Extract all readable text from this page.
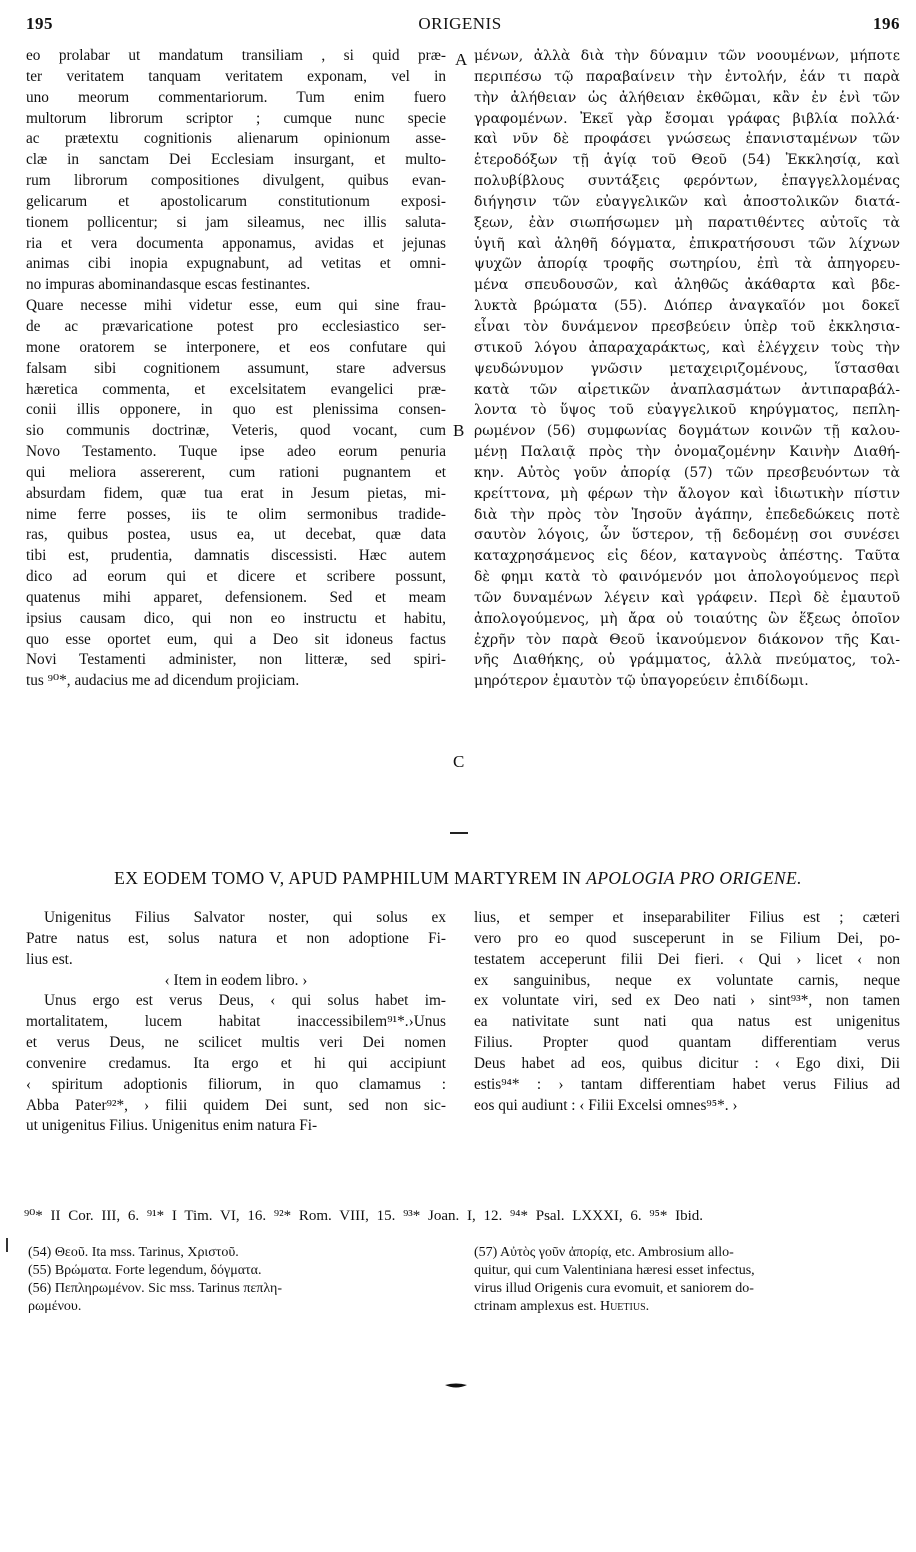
195	ORIGENIS	196
eo prolabar ut mandatum transiliam , si quid præ-
ter veritatem tanquam veritatem exponam, vel in
uno meorum commentariorum. Tum enim fuero
multorum librorum scriptor ; cumque nunc specie
ac prætextu cognitionis alienarum opinionum asse-
clæ in sanctam Dei Ecclesiam insurgant, et multo-
rum librorum compositiones divulgent, quibus evan-
gelicarum et apostolicarum constitutionum exposi-
tionem pollicentur; si jam sileamus, nec illis saluta-
ria et vera documenta apponamus, avidas et jejunas
animas cibi inopia expugnabunt, ad vetitas et omni-
no impuras abominandasque escas festinantes.
Quare necesse mihi videtur esse, eum qui sine frau-
de ac prævaricatione potest pro ecclesiastico ser-
mone oratorem se interponere, et eos confutare qui
falsam sibi cognitionem assumunt, stare adversus
hæretica commenta, et excelsitatem evangelici præ-
conii illis opponere, in quo est plenissima consen-
sio communis doctrinæ, Veteris, quod vocant, cum
Novo Testamento. Tuque ipse adeo eorum penuria
qui meliora assererent, cum rationi pugnantem et
absurdam fidem, quæ tua erat in Jesum pietas, mi-
nime ferre posses, iis te olim sermonibus tradide-
ras, quibus postea, usus ea, ut decebat, quæ data
tibi est, prudentia, damnatis discessisti. Hæc autem
dico ad eorum qui et dicere et scribere possunt,
quatenus mihi apparet, defensionem. Sed et meam
ipsius causam dico, qui non eo instructu et habitu,
quo esse oportet eum, qui a Deo sit idoneus factus
Novi Testamenti administer, non litteræ, sed spiri-
tus ⁹⁰*, audacius me ad dicendum projiciam.
μένων, ἀλλὰ διὰ τὴν δύναμιν τῶν νοουμένων, μήποτε
περιπέσω τῷ παραβαίνειν τὴν ἐντολήν, ἐάν τι παρὰ
τὴν ἀλήθειαν ὡς ἀλήθειαν ἐκθῶμαι, κἂν ἐν ἑνὶ τῶν
γραφομένων. Ἐκεῖ γὰρ ἔσομαι γράφας βιβλία πολλά·
καὶ νῦν δὲ προφάσει γνώσεως ἐπανισταμένων τῶν
ἑτεροδόξων τῇ ἁγίᾳ τοῦ Θεοῦ (54) Ἐκκλησίᾳ, καὶ
πολυβίβλους συντάξεις φερόντων, ἐπαγγελλομένας
διήγησιν τῶν εὐαγγελικῶν καὶ ἀποστολικῶν διατά-
ξεων, ἐὰν σιωπήσωμεν μὴ παρατιθέντες αὐτοῖς τὰ
ὑγιῆ καὶ ἀληθῆ δόγματα, ἐπικρατήσουσι τῶν λίχνων
ψυχῶν ἀπορίᾳ τροφῆς σωτηρίου, ἐπὶ τὰ ἀπηγορευ-
μένα σπευδουσῶν, καὶ ἀληθῶς ἀκάθαρτα καὶ βδε-
λυκτὰ βρώματα (55). Διόπερ ἀναγκαῖόν μοι δοκεῖ
εἶναι τὸν δυνάμενον πρεσβεύειν ὑπὲρ τοῦ ἐκκλησια-
στικοῦ λόγου ἀπαραχαράκτως, καὶ ἐλέγχειν τοὺς τὴν
ψευδώνυμον γνῶσιν μεταχειριζομένους, ἵστασθαι
κατὰ τῶν αἱρετικῶν ἀναπλασμάτων ἀντιπαραβάλ-
λοντα τὸ ὕψος τοῦ εὐαγγελικοῦ κηρύγματος, πεπλη-
ρωμένον (56) συμφωνίας δογμάτων κοινῶν τῇ καλου-
μένῃ Παλαιᾷ πρὸς τὴν ὀνομαζομένην Καινὴν Διαθή-
κην. Αὐτὸς γοῦν ἀπορίᾳ (57) τῶν πρεσβευόντων τὰ
κρείττονα, μὴ φέρων τὴν ἄλογον καὶ ἰδιωτικὴν πίστιν
διὰ τὴν πρὸς τὸν Ἰησοῦν ἀγάπην, ἐπεδεδώκεις ποτὲ
σαυτὸν λόγοις, ὧν ὕστερον, τῇ δεδομένῃ σοι συνέσει
καταχρησάμενος εἰς δέον, καταγνοὺς ἀπέστης. Ταῦτα
δὲ φημι κατὰ τὸ φαινόμενόν μοι ἀπολογούμενος περὶ
τῶν δυναμένων λέγειν καὶ γράφειν. Περὶ δὲ ἐμαυτοῦ
ἀπολογούμενος, μὴ ἄρα οὐ τοιαύτης ὢν ἕξεως ὁποῖον
ἐχρῆν τὸν παρὰ Θεοῦ ἱκανούμενον διάκονον τῆς Και-
νῆς Διαθήκης, οὐ γράμματος, ἀλλὰ πνεύματος, τολ-
μηρότερον ἐμαυτὸν τῷ ὑπαγορεύειν ἐπιδίδωμι.
A
B
C
EX EODEM TOMO V, APUD PAMPHILUM MARTYREM IN APOLOGIA PRO ORIGENE.
Unigenitus Filius Salvator noster, qui solus ex
Patre natus est, solus natura et non adoptione Fi-
lius est.
‹ Item in eodem libro. ›
Unus ergo est verus Deus, ‹ qui solus habet im-
mortalitatem, lucem habitat inaccessibilem⁹¹*.›Unus
et verus Deus, ne scilicet multis veri Dei nomen
convenire credamus. Ita ergo et hi qui accipiunt
‹ spiritum adoptionis filiorum, in quo clamamus :
Abba Pater⁹²*, › filii quidem Dei sunt, sed non sic-
ut unigenitus Filius. Unigenitus enim natura Fi-
lius, et semper et inseparabiliter Filius est ; cæteri
vero pro eo quod susceperunt in se Filium Dei, po-
testatem acceperunt filii Dei fieri. ‹ Qui › licet ‹ non
ex sanguinibus, neque ex voluntate carnis, neque
ex voluntate viri, sed ex Deo nati › sint⁹³*, non tamen
ea nativitate sunt nati qua natus est unigenitus
Filius. Propter quod quantam differentiam verus
Deus habet ad eos, quibus dicitur : ‹ Ego dixi, Dii
estis⁹⁴* : › tantam differentiam habet verus Filius ad
eos qui audiunt : ‹ Filii Excelsi omnes⁹⁵*. ›
⁹⁰* II Cor. III, 6. ⁹¹* I Tim. VI, 16. ⁹²* Rom. VIII, 15. ⁹³* Joan. I, 12. ⁹⁴* Psal. LXXXI, 6. ⁹⁵* Ibid.
(54) Θεοῦ. Ita mss. Tarinus, Χριστοῦ.
(55) Βρώματα. Forte legendum, δόγματα.
(56) Πεπληρωμένον. Sic mss. Tarinus πεπλη-
ρωμένου.
(57) Αὐτὸς γοῦν ἀπορίᾳ, etc. Ambrosium allo-
quitur, qui cum Valentiniana hæresi esset infectus,
virus illud Origenis cura evomuit, et saniorem do-
ctrinam amplexus est. Huetius.
